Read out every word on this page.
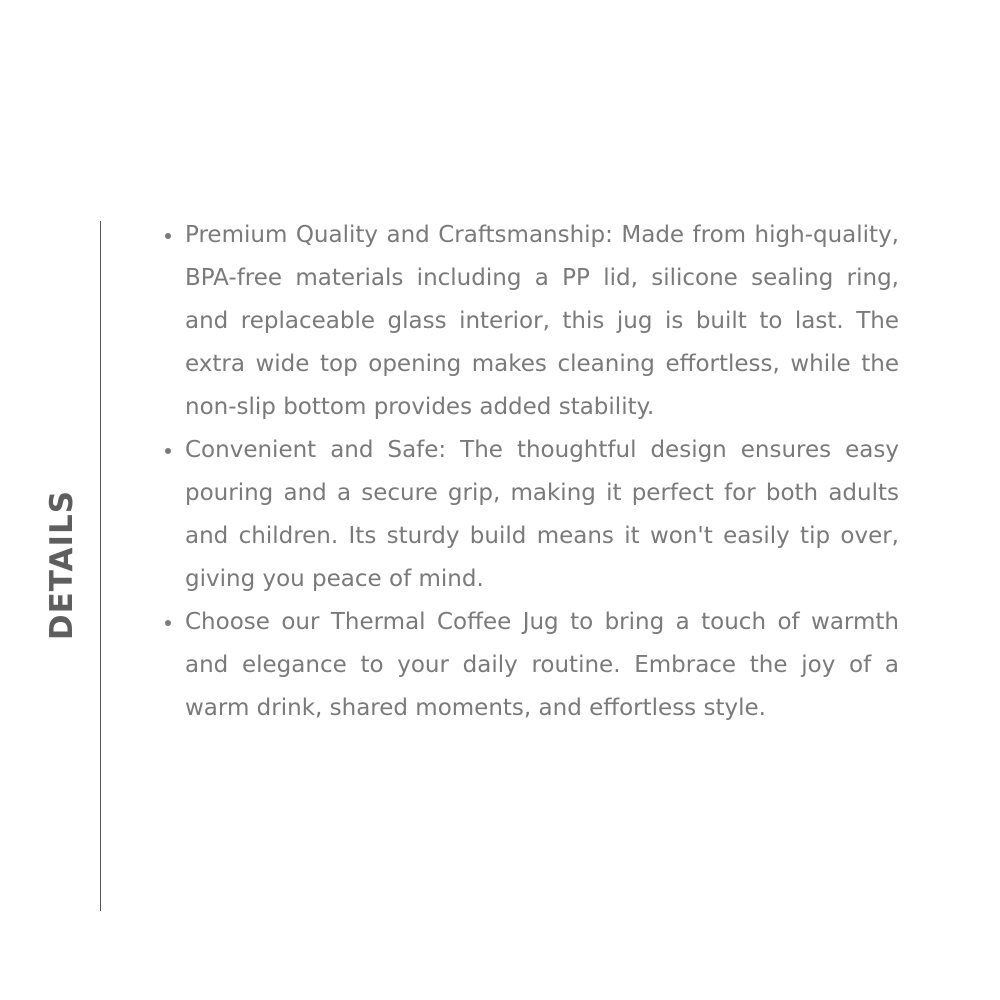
DETAILS
Premium Quality and Craftsmanship: Made from high-quality, BPA-free materials including a PP lid, silicone sealing ring, and replaceable glass interior, this jug is built to last. The extra wide top opening makes cleaning effortless, while the non-slip bottom provides added stability.
Convenient and Safe: The thoughtful design ensures easy pouring and a secure grip, making it perfect for both adults and children. Its sturdy build means it won't easily tip over, giving you peace of mind.
Choose our Thermal Coffee Jug to bring a touch of warmth and elegance to your daily routine. Embrace the joy of a warm drink, shared moments, and effortless style.
